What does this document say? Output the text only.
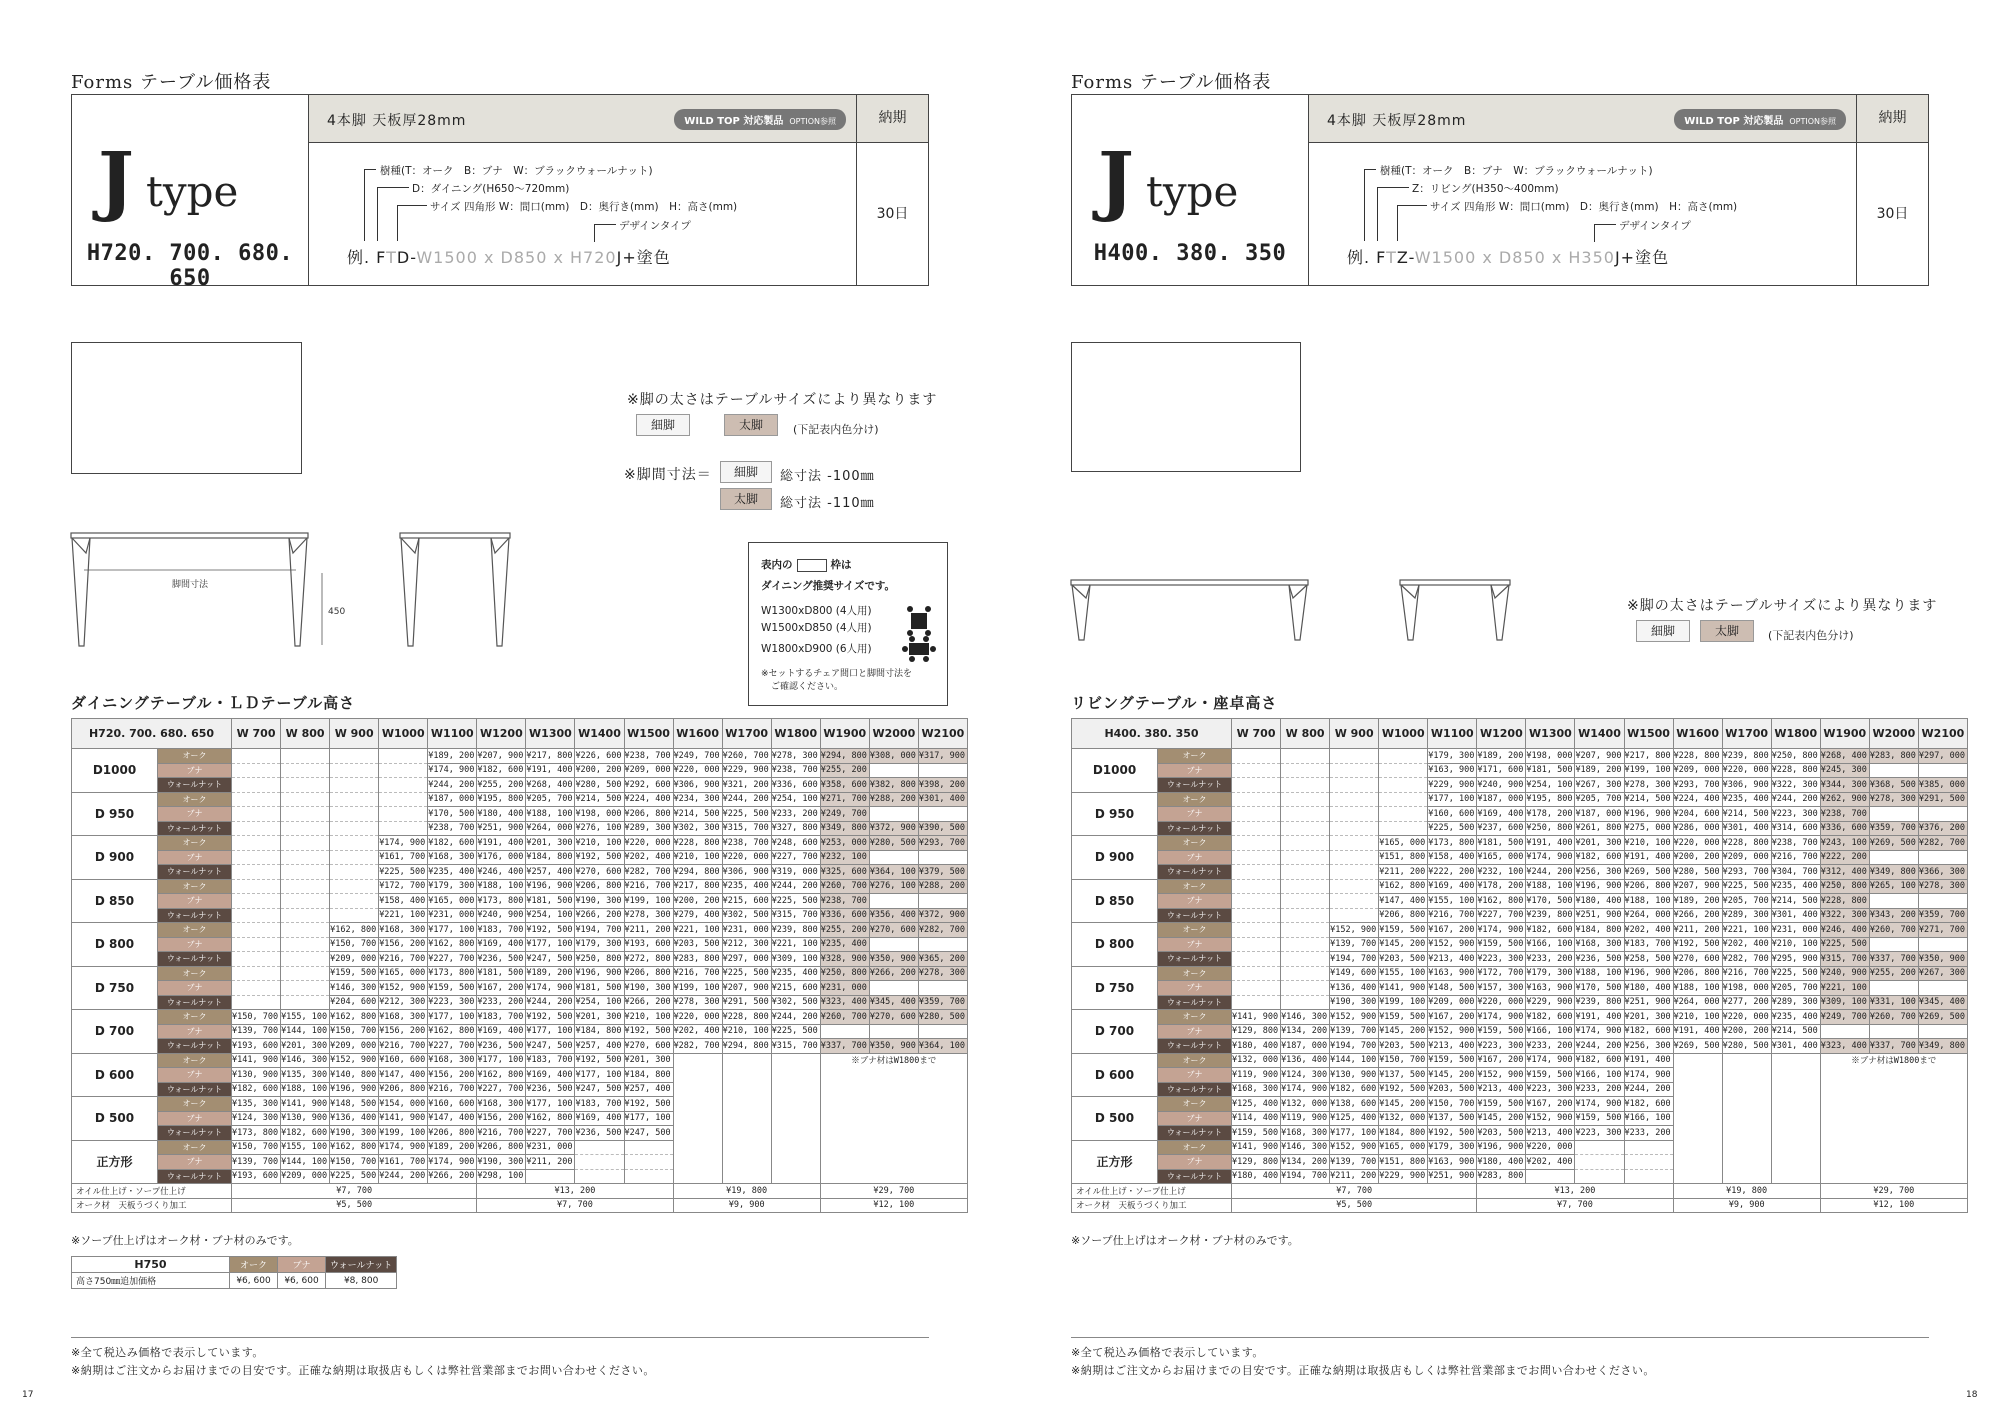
Forms テーブル価格表
Jtype
H720. 700. 680. 650
4本脚 天板厚28mm	WILD TOP 対応製品 OPTION参照	納期
30日
樹種(T：オーク　B：ブナ　W：ブラックウォールナット)
D：ダイニング(H650〜720mm)
サイズ 四角形 W：間口(mm)　D：奥行き(mm)　H：高さ(mm)
デザインタイプ
例. FTD-W1500 x D850 x H720J+塗色
※脚の太さはテーブルサイズにより異なります
細脚	太脚	(下記表内色分け)
※脚間寸法＝	細脚	総寸法 -100㎜
太脚	総寸法 -110㎜
脚間寸法
450
表内の	枠は
ダイニング推奨サイズです。
W1300xD800 (4人用)
W1500xD850 (4人用)
W1800xD900 (6人用)
※セットするチェア間口と脚間寸法を
ご確認ください。
ダイニングテーブル・ＬＤテーブル高さ
H720. 700. 680. 650		W 700	W 800	W 900	W1000	W1100	W1200	W1300	W1400	W1500	W1600	W1700	W1800	W1900	W2000	W2100
D1000	オーク					¥189, 200	¥207, 900	¥217, 800	¥226, 600	¥238, 700	¥249, 700	¥260, 700	¥278, 300	¥294, 800	¥308, 000	¥317, 900
	ブナ					¥174, 900	¥182, 600	¥191, 400	¥200, 200	¥209, 000	¥220, 000	¥229, 900	¥238, 700	¥255, 200		
	ウォールナット					¥244, 200	¥255, 200	¥268, 400	¥280, 500	¥292, 600	¥306, 900	¥321, 200	¥336, 600	¥358, 600	¥382, 800	¥398, 200
D 950	オーク					¥187, 000	¥195, 800	¥205, 700	¥214, 500	¥224, 400	¥234, 300	¥244, 200	¥254, 100	¥271, 700	¥288, 200	¥301, 400
	ブナ					¥170, 500	¥180, 400	¥188, 100	¥198, 000	¥206, 800	¥214, 500	¥225, 500	¥233, 200	¥249, 700		
	ウォールナット					¥238, 700	¥251, 900	¥264, 000	¥276, 100	¥289, 300	¥302, 300	¥315, 700	¥327, 800	¥349, 800	¥372, 900	¥390, 500
D 900	オーク				¥174, 900	¥182, 600	¥191, 400	¥201, 300	¥210, 100	¥220, 000	¥228, 800	¥238, 700	¥248, 600	¥253, 000	¥280, 500	¥293, 700
	ブナ				¥161, 700	¥168, 300	¥176, 000	¥184, 800	¥192, 500	¥202, 400	¥210, 100	¥220, 000	¥227, 700	¥232, 100		
	ウォールナット				¥225, 500	¥235, 400	¥246, 400	¥257, 400	¥270, 600	¥282, 700	¥294, 800	¥306, 900	¥319, 000	¥325, 600	¥364, 100	¥379, 500
D 850	オーク				¥172, 700	¥179, 300	¥188, 100	¥196, 900	¥206, 800	¥216, 700	¥217, 800	¥235, 400	¥244, 200	¥260, 700	¥276, 100	¥288, 200
	ブナ				¥158, 400	¥165, 000	¥173, 800	¥181, 500	¥190, 300	¥199, 100	¥200, 200	¥215, 600	¥225, 500	¥238, 700		
	ウォールナット				¥221, 100	¥231, 000	¥240, 900	¥254, 100	¥266, 200	¥278, 300	¥279, 400	¥302, 500	¥315, 700	¥336, 600	¥356, 400	¥372, 900
D 800	オーク			¥162, 800	¥168, 300	¥177, 100	¥183, 700	¥192, 500	¥194, 700	¥211, 200	¥221, 100	¥231, 000	¥239, 800	¥255, 200	¥270, 600	¥282, 700
	ブナ			¥150, 700	¥156, 200	¥162, 800	¥169, 400	¥177, 100	¥179, 300	¥193, 600	¥203, 500	¥212, 300	¥221, 100	¥235, 400		
	ウォールナット			¥209, 000	¥216, 700	¥227, 700	¥236, 500	¥247, 500	¥250, 800	¥272, 800	¥283, 800	¥297, 000	¥309, 100	¥328, 900	¥350, 900	¥365, 200
D 750	オーク			¥159, 500	¥165, 000	¥173, 800	¥181, 500	¥189, 200	¥196, 900	¥206, 800	¥216, 700	¥225, 500	¥235, 400	¥250, 800	¥266, 200	¥278, 300
	ブナ			¥146, 300	¥152, 900	¥159, 500	¥167, 200	¥174, 900	¥181, 500	¥190, 300	¥199, 100	¥207, 900	¥215, 600	¥231, 000		
	ウォールナット			¥204, 600	¥212, 300	¥223, 300	¥233, 200	¥244, 200	¥254, 100	¥266, 200	¥278, 300	¥291, 500	¥302, 500	¥323, 400	¥345, 400	¥359, 700
D 700	オーク	¥150, 700	¥155, 100	¥162, 800	¥168, 300	¥177, 100	¥183, 700	¥192, 500	¥201, 300	¥210, 100	¥220, 000	¥228, 800	¥244, 200	¥260, 700	¥270, 600	¥280, 500
	ブナ	¥139, 700	¥144, 100	¥150, 700	¥156, 200	¥162, 800	¥169, 400	¥177, 100	¥184, 800	¥192, 500	¥202, 400	¥210, 100	¥225, 500			
	ウォールナット	¥193, 600	¥201, 300	¥209, 000	¥216, 700	¥227, 700	¥236, 500	¥247, 500	¥257, 400	¥270, 600	¥282, 700	¥294, 800	¥315, 700	¥337, 700	¥350, 900	¥364, 100
D 600	オーク	¥141, 900	¥146, 300	¥152, 900	¥160, 600	¥168, 300	¥177, 100	¥183, 700	¥192, 500	¥201, 300				※ブナ材はW1800まで		
	ブナ	¥130, 900	¥135, 300	¥140, 800	¥147, 400	¥156, 200	¥162, 800	¥169, 400	¥177, 100	¥184, 800						
	ウォールナット	¥182, 600	¥188, 100	¥196, 900	¥206, 800	¥216, 700	¥227, 700	¥236, 500	¥247, 500	¥257, 400						
D 500	オーク	¥135, 300	¥141, 900	¥148, 500	¥154, 000	¥160, 600	¥168, 300	¥177, 100	¥183, 700	¥192, 500						
	ブナ	¥124, 300	¥130, 900	¥136, 400	¥141, 900	¥147, 400	¥156, 200	¥162, 800	¥169, 400	¥177, 100						
	ウォールナット	¥173, 800	¥182, 600	¥190, 300	¥199, 100	¥206, 800	¥216, 700	¥227, 700	¥236, 500	¥247, 500						
正方形	オーク	¥150, 700	¥155, 100	¥162, 800	¥174, 900	¥189, 200	¥206, 800	¥231, 000								
	ブナ	¥139, 700	¥144, 100	¥150, 700	¥161, 700	¥174, 900	¥190, 300	¥211, 200								
	ウォールナット	¥193, 600	¥209, 000	¥225, 500	¥244, 200	¥266, 200	¥298, 100									
オイル仕上げ・ソープ仕上げ		¥7, 700					¥13, 200				¥19, 800			¥29, 700		
オーク材　天板うづくり加工		¥5, 500					¥7, 700				¥9, 900			¥12, 100		
※ソープ仕上げはオーク材・ブナ材のみです。
H750	オーク	ブナ	ウォールナット
高さ750㎜追加価格	¥6, 600	¥6, 600	¥8, 800
※全て税込み価格で表示しています。
※納期はご注文からお届けまでの目安です。正確な納期は取扱店もしくは弊社営業部までお問い合わせください。
17
Forms テーブル価格表
Jtype
H400. 380. 350
4本脚 天板厚28mm	WILD TOP 対応製品 OPTION参照	納期
30日
樹種(T：オーク　B：ブナ　W：ブラックウォールナット)
Z：リビング(H350〜400mm)
サイズ 四角形 W：間口(mm)　D：奥行き(mm)　H：高さ(mm)
デザインタイプ
例. FTZ-W1500 x D850 x H350J+塗色
※脚の太さはテーブルサイズにより異なります
細脚	太脚	(下記表内色分け)
リビングテーブル・座卓高さ
H400. 380. 350		W 700	W 800	W 900	W1000	W1100	W1200	W1300	W1400	W1500	W1600	W1700	W1800	W1900	W2000	W2100
D1000	オーク					¥179, 300	¥189, 200	¥198, 000	¥207, 900	¥217, 800	¥228, 800	¥239, 800	¥250, 800	¥268, 400	¥283, 800	¥297, 000
	ブナ					¥163, 900	¥171, 600	¥181, 500	¥189, 200	¥199, 100	¥209, 000	¥220, 000	¥228, 800	¥245, 300		
	ウォールナット					¥229, 900	¥240, 900	¥254, 100	¥267, 300	¥278, 300	¥293, 700	¥306, 900	¥322, 300	¥344, 300	¥368, 500	¥385, 000
D 950	オーク					¥177, 100	¥187, 000	¥195, 800	¥205, 700	¥214, 500	¥224, 400	¥235, 400	¥244, 200	¥262, 900	¥278, 300	¥291, 500
	ブナ					¥160, 600	¥169, 400	¥178, 200	¥187, 000	¥196, 900	¥204, 600	¥214, 500	¥223, 300	¥238, 700		
	ウォールナット					¥225, 500	¥237, 600	¥250, 800	¥261, 800	¥275, 000	¥286, 000	¥301, 400	¥314, 600	¥336, 600	¥359, 700	¥376, 200
D 900	オーク				¥165, 000	¥173, 800	¥181, 500	¥191, 400	¥201, 300	¥210, 100	¥220, 000	¥228, 800	¥238, 700	¥243, 100	¥269, 500	¥282, 700
	ブナ				¥151, 800	¥158, 400	¥165, 000	¥174, 900	¥182, 600	¥191, 400	¥200, 200	¥209, 000	¥216, 700	¥222, 200		
	ウォールナット				¥211, 200	¥222, 200	¥232, 100	¥244, 200	¥256, 300	¥269, 500	¥280, 500	¥293, 700	¥304, 700	¥312, 400	¥349, 800	¥366, 300
D 850	オーク				¥162, 800	¥169, 400	¥178, 200	¥188, 100	¥196, 900	¥206, 800	¥207, 900	¥225, 500	¥235, 400	¥250, 800	¥265, 100	¥278, 300
	ブナ				¥147, 400	¥155, 100	¥162, 800	¥170, 500	¥180, 400	¥188, 100	¥189, 200	¥205, 700	¥214, 500	¥228, 800		
	ウォールナット				¥206, 800	¥216, 700	¥227, 700	¥239, 800	¥251, 900	¥264, 000	¥266, 200	¥289, 300	¥301, 400	¥322, 300	¥343, 200	¥359, 700
D 800	オーク			¥152, 900	¥159, 500	¥167, 200	¥174, 900	¥182, 600	¥184, 800	¥202, 400	¥211, 200	¥221, 100	¥231, 000	¥246, 400	¥260, 700	¥271, 700
	ブナ			¥139, 700	¥145, 200	¥152, 900	¥159, 500	¥166, 100	¥168, 300	¥183, 700	¥192, 500	¥202, 400	¥210, 100	¥225, 500		
	ウォールナット			¥194, 700	¥203, 500	¥213, 400	¥223, 300	¥233, 200	¥236, 500	¥258, 500	¥270, 600	¥282, 700	¥295, 900	¥315, 700	¥337, 700	¥350, 900
D 750	オーク			¥149, 600	¥155, 100	¥163, 900	¥172, 700	¥179, 300	¥188, 100	¥196, 900	¥206, 800	¥216, 700	¥225, 500	¥240, 900	¥255, 200	¥267, 300
	ブナ			¥136, 400	¥141, 900	¥148, 500	¥157, 300	¥163, 900	¥170, 500	¥180, 400	¥188, 100	¥198, 000	¥205, 700	¥221, 100		
	ウォールナット			¥190, 300	¥199, 100	¥209, 000	¥220, 000	¥229, 900	¥239, 800	¥251, 900	¥264, 000	¥277, 200	¥289, 300	¥309, 100	¥331, 100	¥345, 400
D 700	オーク	¥141, 900	¥146, 300	¥152, 900	¥159, 500	¥167, 200	¥174, 900	¥182, 600	¥191, 400	¥201, 300	¥210, 100	¥220, 000	¥235, 400	¥249, 700	¥260, 700	¥269, 500
	ブナ	¥129, 800	¥134, 200	¥139, 700	¥145, 200	¥152, 900	¥159, 500	¥166, 100	¥174, 900	¥182, 600	¥191, 400	¥200, 200	¥214, 500			
	ウォールナット	¥180, 400	¥187, 000	¥194, 700	¥203, 500	¥213, 400	¥223, 300	¥233, 200	¥244, 200	¥256, 300	¥269, 500	¥280, 500	¥301, 400	¥323, 400	¥337, 700	¥349, 800
D 600	オーク	¥132, 000	¥136, 400	¥144, 100	¥150, 700	¥159, 500	¥167, 200	¥174, 900	¥182, 600	¥191, 400				※ブナ材はW1800まで		
	ブナ	¥119, 900	¥124, 300	¥130, 900	¥137, 500	¥145, 200	¥152, 900	¥159, 500	¥166, 100	¥174, 900						
	ウォールナット	¥168, 300	¥174, 900	¥182, 600	¥192, 500	¥203, 500	¥213, 400	¥223, 300	¥233, 200	¥244, 200						
D 500	オーク	¥125, 400	¥132, 000	¥138, 600	¥145, 200	¥150, 700	¥159, 500	¥167, 200	¥174, 900	¥182, 600						
	ブナ	¥114, 400	¥119, 900	¥125, 400	¥132, 000	¥137, 500	¥145, 200	¥152, 900	¥159, 500	¥166, 100						
	ウォールナット	¥159, 500	¥168, 300	¥177, 100	¥184, 800	¥192, 500	¥203, 500	¥213, 400	¥223, 300	¥233, 200						
正方形	オーク	¥141, 900	¥146, 300	¥152, 900	¥165, 000	¥179, 300	¥196, 900	¥220, 000								
	ブナ	¥129, 800	¥134, 200	¥139, 700	¥151, 800	¥163, 900	¥180, 400	¥202, 400								
	ウォールナット	¥180, 400	¥194, 700	¥211, 200	¥229, 900	¥251, 900	¥283, 800									
オイル仕上げ・ソープ仕上げ		¥7, 700					¥13, 200				¥19, 800			¥29, 700		
オーク材　天板うづくり加工		¥5, 500					¥7, 700				¥9, 900			¥12, 100		
※ソープ仕上げはオーク材・ブナ材のみです。
※全て税込み価格で表示しています。
※納期はご注文からお届けまでの目安です。正確な納期は取扱店もしくは弊社営業部までお問い合わせください。
18
